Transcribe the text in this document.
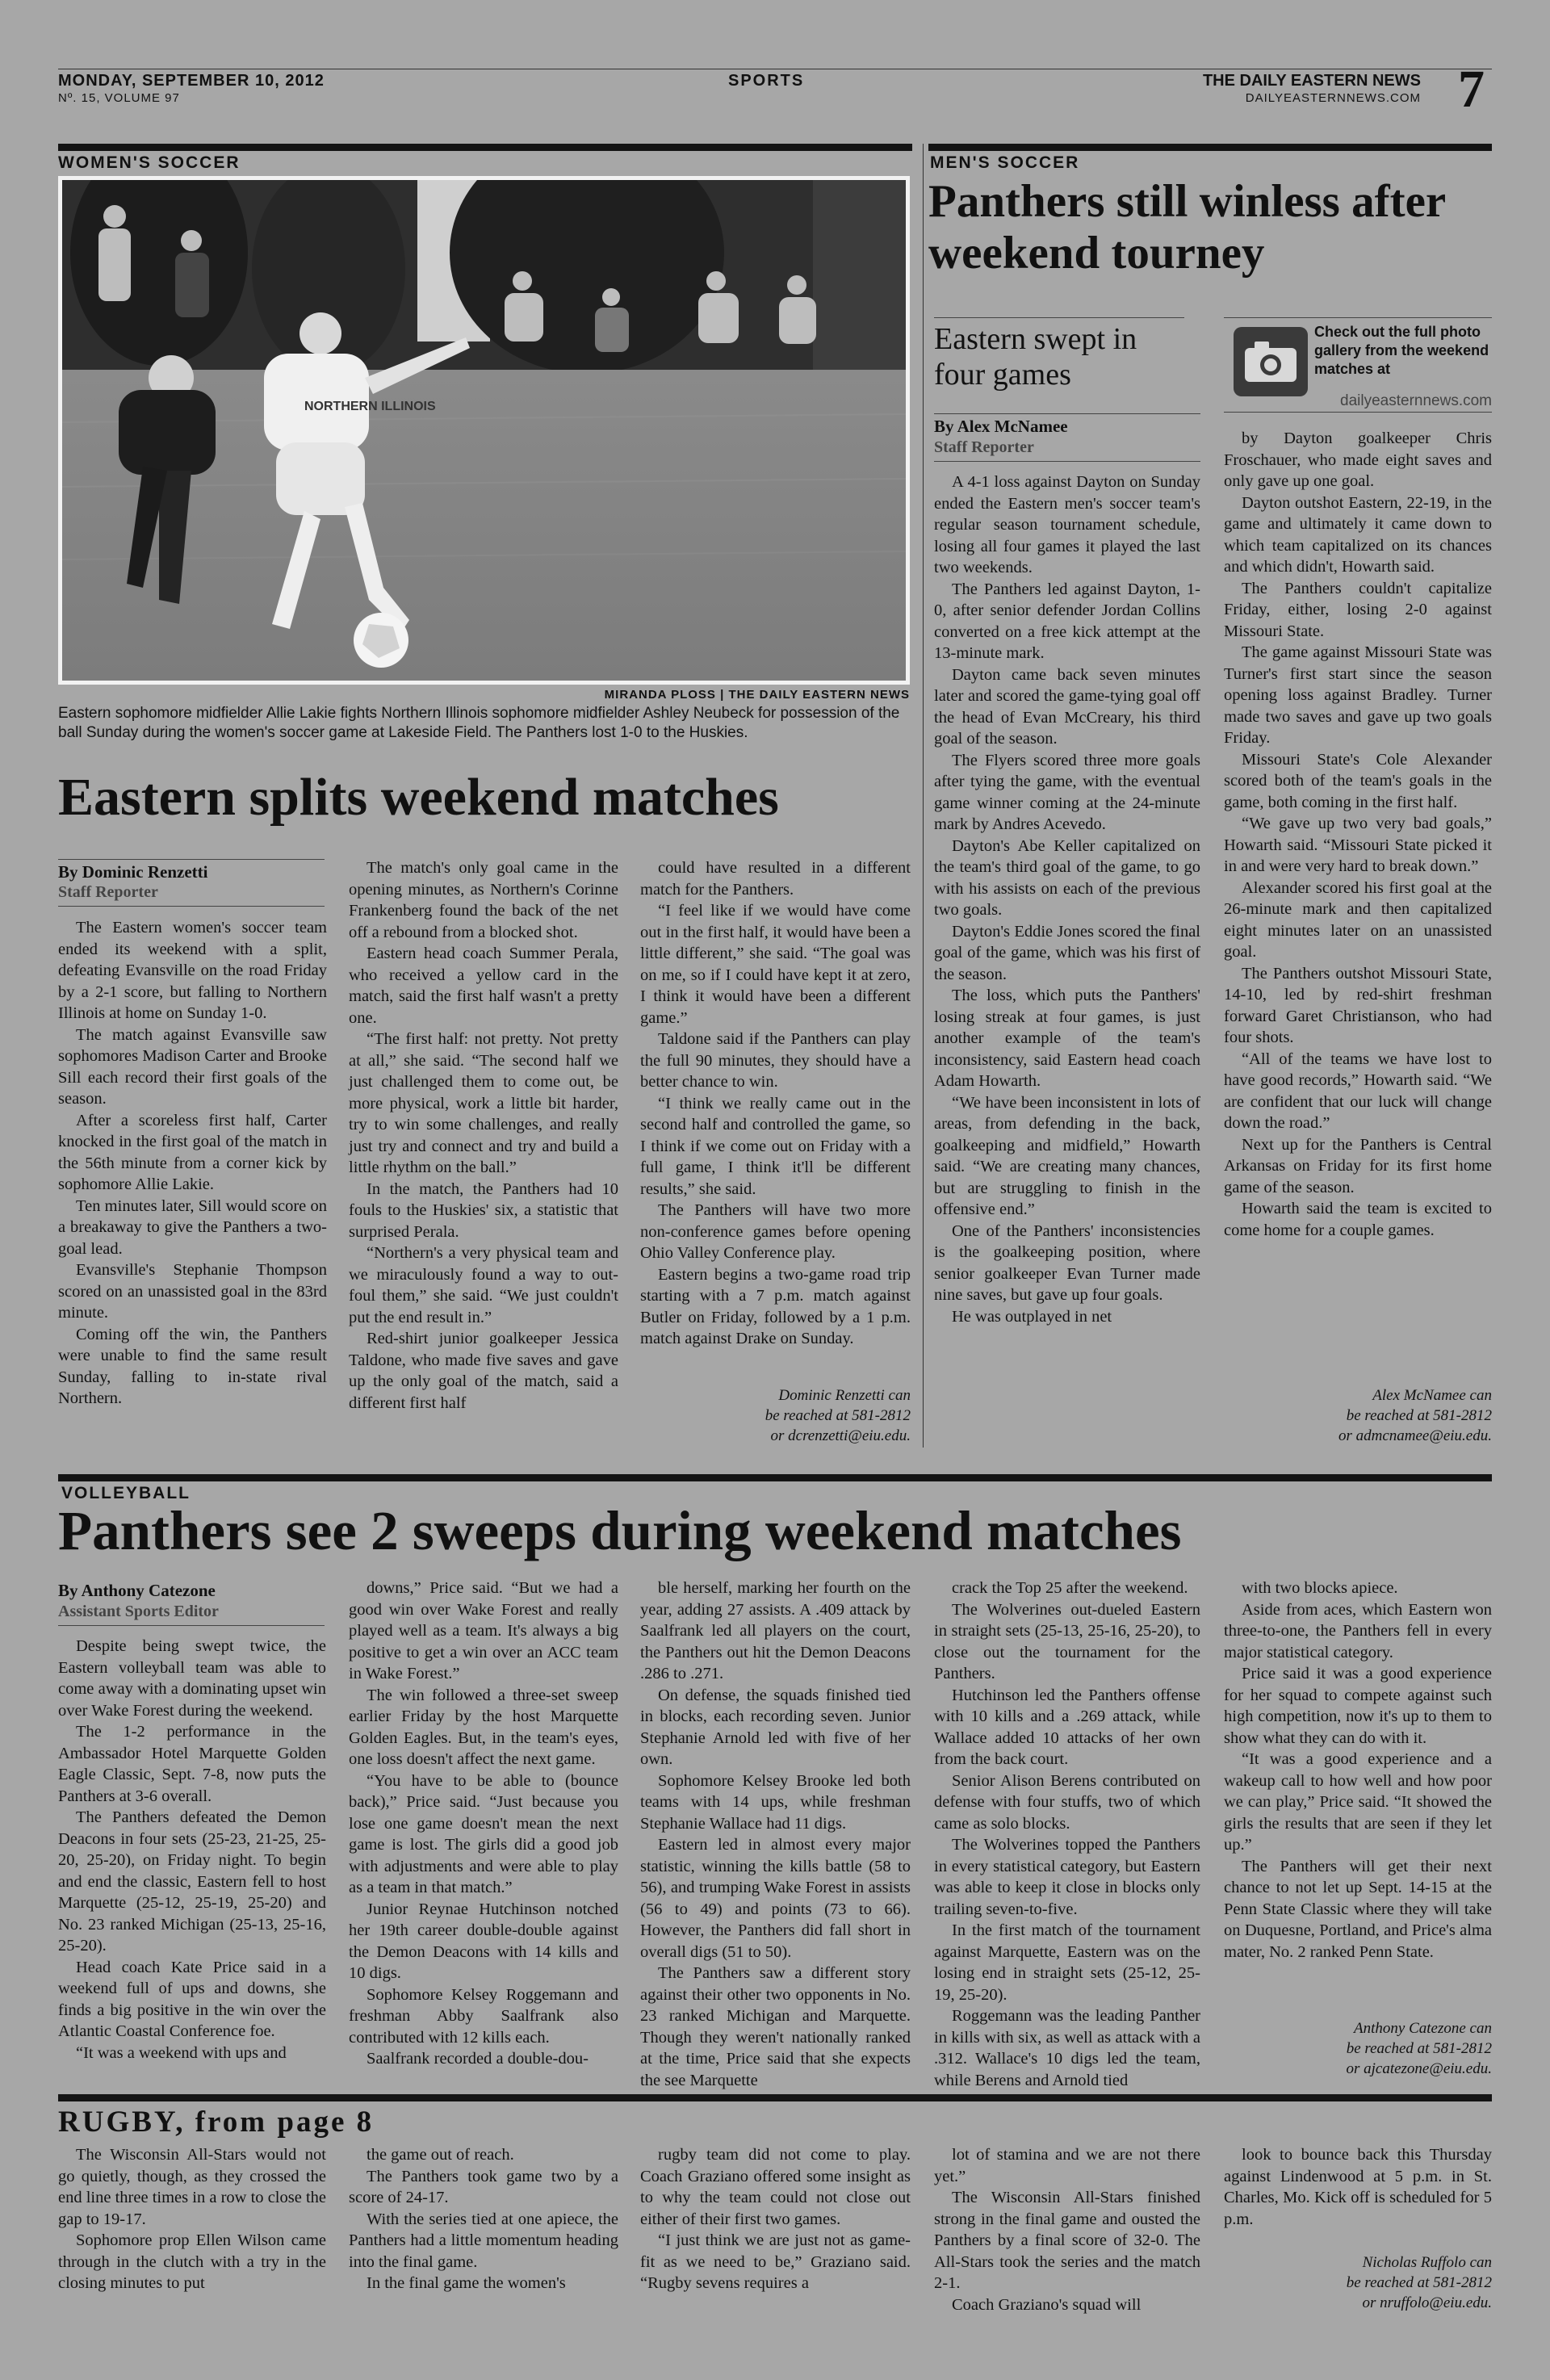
MONDAY, SEPTEMBER 10, 2012
Nº. 15, VOLUME 97
SPORTS	THE DAILY EASTERN NEWS
DAILYEASTERNNEWS.COM 7
WOMEN'S SOCCER
NORTHERN ILLINOIS
MIRANDA PLOSS | THE DAILY EASTERN NEWS
Eastern sophomore midfielder Allie Lakie fights Northern Illinois sophomore midfielder Ashley Neubeck for possession of the ball Sunday during the women's soccer game at Lakeside Field. The Panthers lost 1-0 to the Huskies.
Eastern splits weekend matches
By Dominic Renzetti
Staff Reporter

The Eastern women's soccer team ended its weekend with a split, defeating Evansville on the road Friday by a 2-1 score, but falling to Northern Illinois at home on Sunday 1-0.

The match against Evansville saw sophomores Madison Carter and Brooke Sill each record their first goals of the season.

After a scoreless first half, Carter knocked in the first goal of the match in the 56th minute from a corner kick by sophomore Allie Lakie.

Ten minutes later, Sill would score on a breakaway to give the Panthers a two-goal lead.

Evansville's Stephanie Thompson scored on an unassisted goal in the 83rd minute.

Coming off the win, the Panthers were unable to find the same result Sunday, falling to in-state rival Northern.

The match's only goal came in the opening minutes, as Northern's Corinne Frankenberg found the back of the net off a rebound from a blocked shot.

Eastern head coach Summer Perala, who received a yellow card in the match, said the first half wasn't a pretty one.

“The first half: not pretty. Not pretty at all,” she said. “The second half we just challenged them to come out, be more physical, work a little bit harder, try to win some challenges, and really just try and connect and try and build a little rhythm on the ball.”

In the match, the Panthers had 10 fouls to the Huskies' six, a statistic that surprised Perala.

“Northern's a very physical team and we miraculously found a way to out-foul them,” she said. “We just couldn't put the end result in.”

Red-shirt junior goalkeeper Jessica Taldone, who made five saves and gave up the only goal of the match, said a different first half

could have resulted in a different match for the Panthers.

“I feel like if we would have come out in the first half, it would have been a little different,” she said. “The goal was on me, so if I could have kept it at zero, I think it would have been a different game.”

Taldone said if the Panthers can play the full 90 minutes, they should have a better chance to win.

“I think we really came out in the second half and controlled the game, so I think if we come out on Friday with a full game, I think it'll be different results,” she said.

The Panthers will have two more non-conference games before opening Ohio Valley Conference play.

Eastern begins a two-game road trip starting with a 7 p.m. match against Butler on Friday, followed by a 1 p.m. match against Drake on Sunday.

Dominic Renzetti can
be reached at 581-2812
or dcrenzetti@eiu.edu.
MEN'S SOCCER
Panthers still winless after weekend tourney
Eastern swept in four games
By Alex McNamee
Staff Reporter
Check out the full photo gallery from the weekend matches at
dailyeasternnews.com

A 4-1 loss against Dayton on Sunday ended the Eastern men's soccer team's regular season tournament schedule, losing all four games it played the last two weekends.

The Panthers led against Dayton, 1-0, after senior defender Jordan Collins converted on a free kick attempt at the 13-minute mark.

Dayton came back seven minutes later and scored the game-tying goal off the head of Evan McCreary, his third goal of the season.

The Flyers scored three more goals after tying the game, with the eventual game winner coming at the 24-minute mark by Andres Acevedo.

Dayton's Abe Keller capitalized on the team's third goal of the game, to go with his assists on each of the previous two goals.

Dayton's Eddie Jones scored the final goal of the game, which was his first of the season.

The loss, which puts the Panthers' losing streak at four games, is just another example of the team's inconsistency, said Eastern head coach Adam Howarth.

“We have been inconsistent in lots of areas, from defending in the back, goalkeeping and midfield,” Howarth said. “We are creating many chances, but are struggling to finish in the offensive end.”

One of the Panthers' inconsistencies is the goalkeeping position, where senior goalkeeper Evan Turner made nine saves, but gave up four goals.

He was outplayed in net

by Dayton goalkeeper Chris Froschauer, who made eight saves and only gave up one goal.

Dayton outshot Eastern, 22-19, in the game and ultimately it came down to which team capitalized on its chances and which didn't, Howarth said.

The Panthers couldn't capitalize Friday, either, losing 2-0 against Missouri State.

The game against Missouri State was Turner's first start since the season opening loss against Bradley. Turner made two saves and gave up two goals Friday.

Missouri State's Cole Alexander scored both of the team's goals in the game, both coming in the first half.

“We gave up two very bad goals,” Howarth said. “Missouri State picked it in and were very hard to break down.”

Alexander scored his first goal at the 26-minute mark and then capitalized eight minutes later on an unassisted goal.

The Panthers outshot Missouri State, 14-10, led by red-shirt freshman forward Garet Christianson, who had four shots.

“All of the teams we have lost to have good records,” Howarth said. “We are confident that our luck will change down the road.”

Next up for the Panthers is Central Arkansas on Friday for its first home game of the season.

Howarth said the team is excited to come home for a couple games.

Alex McNamee can
be reached at 581-2812
or admcnamee@eiu.edu.
VOLLEYBALL
Panthers see 2 sweeps during weekend matches
By Anthony Catezone
Assistant Sports Editor

Despite being swept twice, the Eastern volleyball team was able to come away with a dominating upset win over Wake Forest during the weekend.

The 1-2 performance in the Ambassador Hotel Marquette Golden Eagle Classic, Sept. 7-8, now puts the Panthers at 3-6 overall.

The Panthers defeated the Demon Deacons in four sets (25-23, 21-25, 25-20, 25-20), on Friday night. To begin and end the classic, Eastern fell to host Marquette (25-12, 25-19, 25-20) and No. 23 ranked Michigan (25-13, 25-16, 25-20).

Head coach Kate Price said in a weekend full of ups and downs, she finds a big positive in the win over the Atlantic Coastal Conference foe.

“It was a weekend with ups and

downs,” Price said. “But we had a good win over Wake Forest and really played well as a team. It's always a big positive to get a win over an ACC team in Wake Forest.”

The win followed a three-set sweep earlier Friday by the host Marquette Golden Eagles. But, in the team's eyes, one loss doesn't affect the next game.

“You have to be able to (bounce back),” Price said. “Just because you lose one game doesn't mean the next game is lost. The girls did a good job with adjustments and were able to play as a team in that match.”

Junior Reynae Hutchinson notched her 19th career double-double against the Demon Deacons with 14 kills and 10 digs.

Sophomore Kelsey Roggemann and freshman Abby Saalfrank also contributed with 12 kills each.

Saalfrank recorded a double-dou-

ble herself, marking her fourth on the year, adding 27 assists. A .409 attack by Saalfrank led all players on the court, the Panthers out hit the Demon Deacons .286 to .271.

On defense, the squads finished tied in blocks, each recording seven. Junior Stephanie Arnold led with five of her own.

Sophomore Kelsey Brooke led both teams with 14 ups, while freshman Stephanie Wallace had 11 digs.

Eastern led in almost every major statistic, winning the kills battle (58 to 56), and trumping Wake Forest in assists (56 to 49) and points (73 to 66). However, the Panthers did fall short in overall digs (51 to 50).

The Panthers saw a different story against their other two opponents in No. 23 ranked Michigan and Marquette. Though they weren't nationally ranked at the time, Price said that she expects the see Marquette

crack the Top 25 after the weekend.

The Wolverines out-dueled Eastern in straight sets (25-13, 25-16, 25-20), to close out the tournament for the Panthers.

Hutchinson led the Panthers offense with 10 kills and a .269 attack, while Wallace added 10 attacks of her own from the back court.

Senior Alison Berens contributed on defense with four stuffs, two of which came as solo blocks.

The Wolverines topped the Panthers in every statistical category, but Eastern was able to keep it close in blocks only trailing seven-to-five.

In the first match of the tournament against Marquette, Eastern was on the losing end in straight sets (25-12, 25-19, 25-20).

Roggemann was the leading Panther in kills with six, as well as attack with a .312. Wallace's 10 digs led the team, while Berens and Arnold tied

with two blocks apiece.

Aside from aces, which Eastern won three-to-one, the Panthers fell in every major statistical category.

Price said it was a good experience for her squad to compete against such high competition, now it's up to them to show what they can do with it.

“It was a good experience and a wakeup call to how well and how poor we can play,” Price said. “It showed the girls the results that are seen if they let up.”

The Panthers will get their next chance to not let up Sept. 14-15 at the Penn State Classic where they will take on Duquesne, Portland, and Price's alma mater, No. 2 ranked Penn State.

Anthony Catezone can
be reached at 581-2812
or ajcatezone@eiu.edu.
RUGBY, from page 8

The Wisconsin All-Stars would not go quietly, though, as they crossed the end line three times in a row to close the gap to 19-17.

Sophomore prop Ellen Wilson came through in the clutch with a try in the closing minutes to put

the game out of reach.

The Panthers took game two by a score of 24-17.

With the series tied at one apiece, the Panthers had a little momentum heading into the final game.

In the final game the women's

rugby team did not come to play. Coach Graziano offered some insight as to why the team could not close out either of their first two games.

“I just think we are just not as game-fit as we need to be,” Graziano said. “Rugby sevens requires a

lot of stamina and we are not there yet.”

The Wisconsin All-Stars finished strong in the final game and ousted the Panthers by a final score of 32-0. The All-Stars took the series and the match 2-1.

Coach Graziano's squad will

look to bounce back this Thursday against Lindenwood at 5 p.m. in St. Charles, Mo. Kick off is scheduled for 5 p.m.

Nicholas Ruffolo can
be reached at 581-2812
or nruffolo@eiu.edu.
